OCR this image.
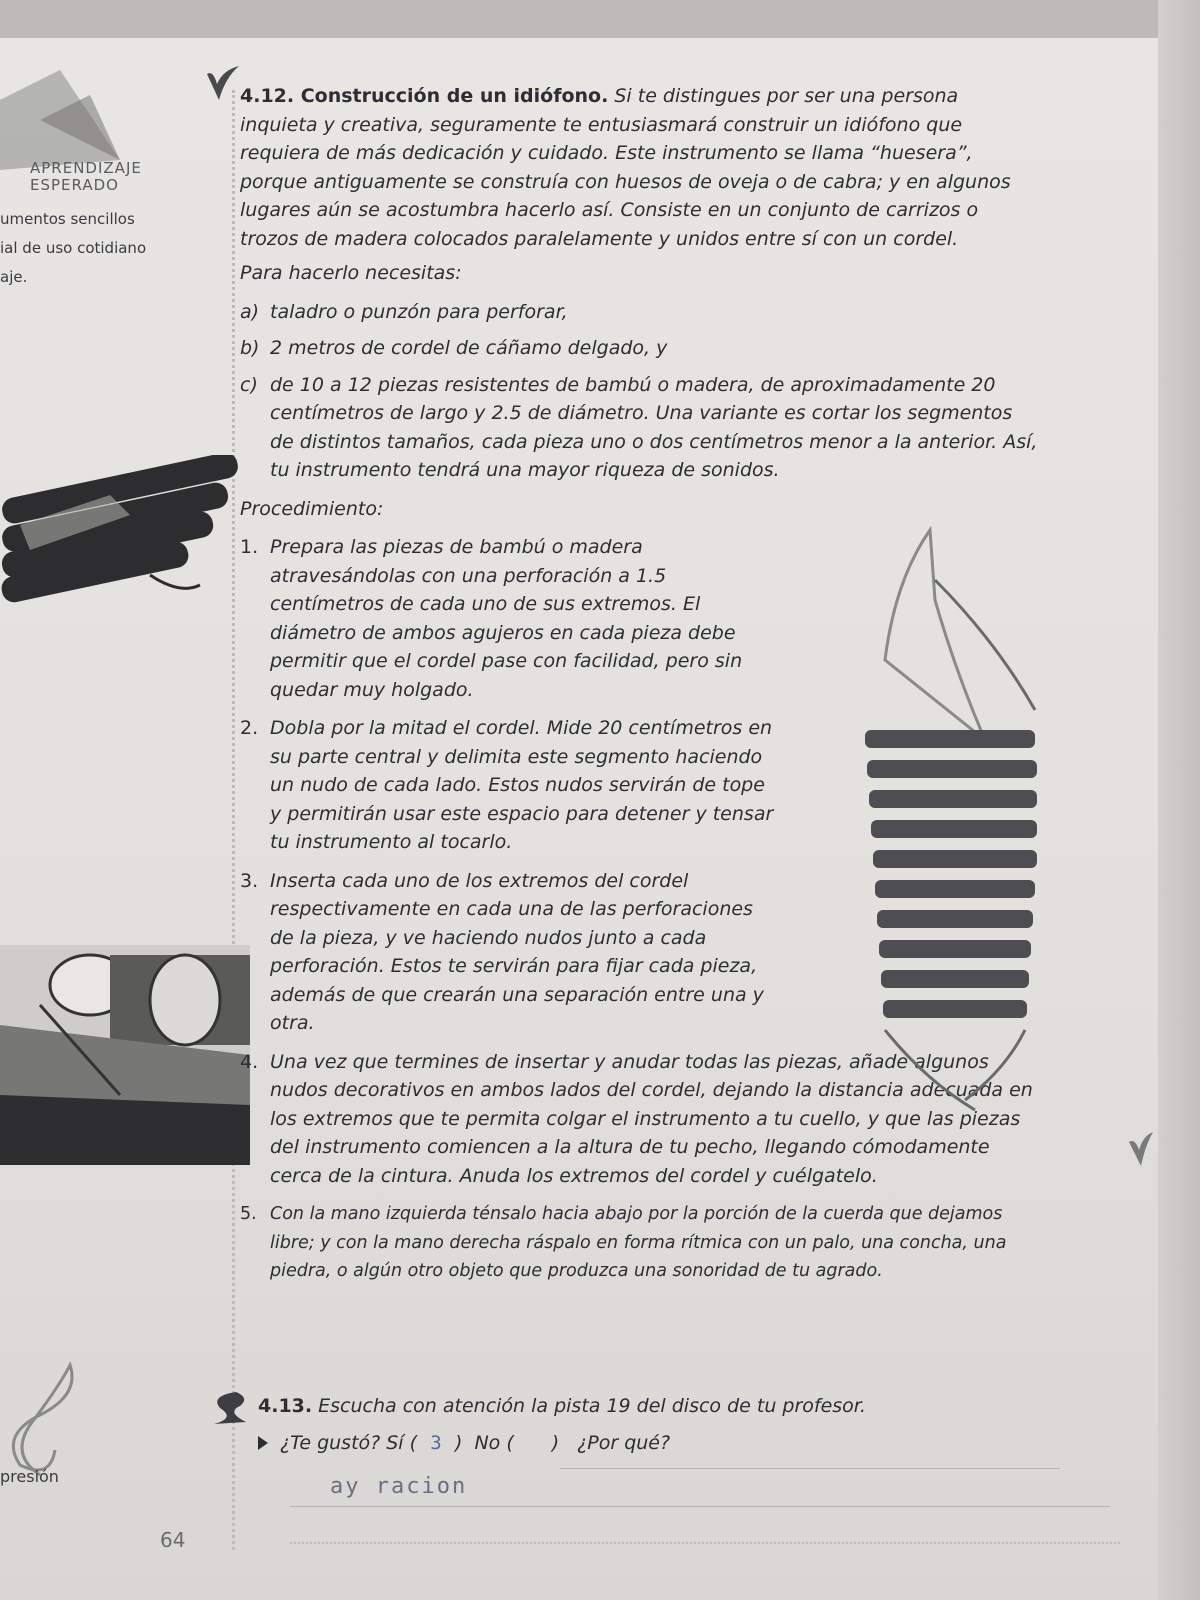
APRENDIZAJE
ESPERADO
umentos sencillos
ial de uso cotidiano
aje.
presión

4.12. Construcción de un idiófono. Si te distingues por ser una persona inquieta y creativa, seguramente te entusiasmará construir un idiófono que requiera de más dedicación y cuidado. Este instrumento se llama “huesera”, porque antiguamente se construía con huesos de oveja o de cabra; y en algunos lugares aún se acostumbra hacerlo así. Consiste en un conjunto de carrizos o trozos de madera colocados paralelamente y unidos entre sí con un cordel.

Para hacerlo necesitas:

a) taladro o punzón para perforar,
b) 2 metros de cordel de cáñamo delgado, y
c) de 10 a 12 piezas resistentes de bambú o madera, de aproximadamente 20 centímetros de largo y 2.5 de diámetro. Una variante es cortar los segmentos de distintos tamaños, cada pieza uno o dos centímetros menor a la anterior. Así, tu instrumento tendrá una mayor riqueza de sonidos.

Procedimiento:

1. Prepara las piezas de bambú o madera atravesándolas con una perforación a 1.5 centímetros de cada uno de sus extremos. El diámetro de ambos agujeros en cada pieza debe permitir que el cordel pase con facilidad, pero sin quedar muy holgado.
2. Dobla por la mitad el cordel. Mide 20 centímetros en su parte central y delimita este segmento haciendo un nudo de cada lado. Estos nudos servirán de tope y permitirán usar este espacio para detener y tensar tu instrumento al tocarlo.
3. Inserta cada uno de los extremos del cordel respectivamente en cada una de las perforaciones de la pieza, y ve haciendo nudos junto a cada perforación. Estos te servirán para fijar cada pieza, además de que crearán una separación entre una y otra.
4. Una vez que termines de insertar y anudar todas las piezas, añade algunos nudos decorativos en ambos lados del cordel, dejando la distancia adecuada en los extremos que te permita colgar el instrumento a tu cuello, y que las piezas del instrumento comiencen a la altura de tu pecho, llegando cómodamente cerca de la cintura. Anuda los extremos del cordel y cuélgatelo.
5. Con la mano izquierda ténsalo hacia abajo por la porción de la cuerda que dejamos libre; y con la mano derecha ráspalo en forma rítmica con un palo, una concha, una piedra, o algún otro objeto que produzca una sonoridad de tu agrado.
4.13. Escucha con atención la pista 19 del disco de tu profesor.
¿Te gustó? Sí ( 3 ) No ( ) ¿Por qué?
ay racion
64
